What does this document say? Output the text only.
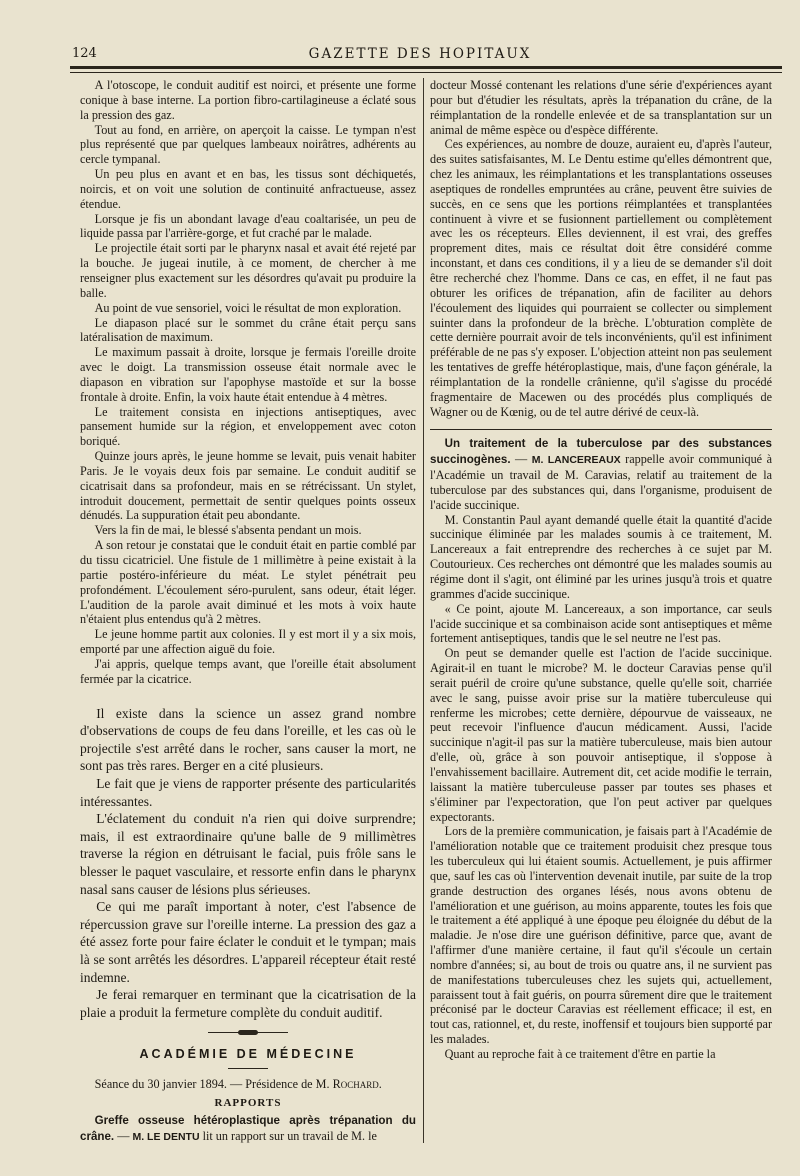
124	GAZETTE DES HOPITAUX

A l'otoscope, le conduit auditif est noirci, et présente une forme conique à base interne. La portion fibro-cartilagineuse a éclaté sous la pression des gaz.

Tout au fond, en arrière, on aperçoit la caisse. Le tympan n'est plus représenté que par quelques lambeaux noirâtres, adhérents au cercle tympanal.

Un peu plus en avant et en bas, les tissus sont déchiquetés, noircis, et on voit une solution de continuité anfractueuse, assez étendue.

Lorsque je fis un abondant lavage d'eau coaltarisée, un peu de liquide passa par l'arrière-gorge, et fut craché par le malade.

Le projectile était sorti par le pharynx nasal et avait été rejeté par la bouche. Je jugeai inutile, à ce moment, de chercher à me renseigner plus exactement sur les désordres qu'avait pu produire la balle.

Au point de vue sensoriel, voici le résultat de mon exploration.

Le diapason placé sur le sommet du crâne était perçu sans latéralisation de maximum.

Le maximum passait à droite, lorsque je fermais l'oreille droite avec le doigt. La transmission osseuse était normale avec le diapason en vibration sur l'apophyse mastoïde et sur la bosse frontale à droite. Enfin, la voix haute était entendue à 4 mètres.

Le traitement consista en injections antiseptiques, avec pansement humide sur la région, et enveloppement avec coton boriqué.

Quinze jours après, le jeune homme se levait, puis venait habiter Paris. Je le voyais deux fois par semaine. Le conduit auditif se cicatrisait dans sa profondeur, mais en se rétrécissant. Un stylet, introduit doucement, permettait de sentir quelques points osseux dénudés. La suppuration était peu abondante.

Vers la fin de mai, le blessé s'absenta pendant un mois.

A son retour je constatai que le conduit était en partie comblé par du tissu cicatriciel. Une fistule de 1 millimètre à peine existait à la partie postéro-inférieure du méat. Le stylet pénétrait peu profondément. L'écoulement séro-purulent, sans odeur, était léger. L'audition de la parole avait diminué et les mots à voix haute n'étaient plus entendus qu'à 2 mètres.

Le jeune homme partit aux colonies. Il y est mort il y a six mois, emporté par une affection aiguë du foie.

J'ai appris, quelque temps avant, que l'oreille était absolument fermée par la cicatrice.

Il existe dans la science un assez grand nombre d'observations de coups de feu dans l'oreille, et les cas où le projectile s'est arrêté dans le rocher, sans causer la mort, ne sont pas très rares. Berger en a cité plusieurs.

Le fait que je viens de rapporter présente des particularités intéressantes.

L'éclatement du conduit n'a rien qui doive surprendre; mais, il est extraordinaire qu'une balle de 9 millimètres traverse la région en détruisant le facial, puis frôle sans le blesser le paquet vasculaire, et ressorte enfin dans le pharynx nasal sans causer de lésions plus sérieuses.

Ce qui me paraît important à noter, c'est l'absence de répercussion grave sur l'oreille interne. La pression des gaz a été assez forte pour faire éclater le conduit et le tympan; mais là se sont arrêtés les désordres. L'appareil récepteur était resté indemne.

Je ferai remarquer en terminant que la cicatrisation de la plaie a produit la fermeture complète du conduit auditif.

ACADÉMIE DE MÉDECINE

Séance du 30 janvier 1894. — Présidence de M. Rochard.

RAPPORTS

Greffe osseuse hétéroplastique après trépanation du crâne. — M. LE DENTU lit un rapport sur un travail de M. le

docteur Mossé contenant les relations d'une série d'expériences ayant pour but d'étudier les résultats, après la trépanation du crâne, de la réimplantation de la rondelle enlevée et de sa transplantation sur un animal de même espèce ou d'espèce différente.

Ces expériences, au nombre de douze, auraient eu, d'après l'auteur, des suites satisfaisantes, M. Le Dentu estime qu'elles démontrent que, chez les animaux, les réimplantations et les transplantations osseuses aseptiques de rondelles empruntées au crâne, peuvent être suivies de succès, en ce sens que les portions réimplantées et transplantées continuent à vivre et se fusionnent partiellement ou complètement avec les os récepteurs. Elles deviennent, il est vrai, des greffes proprement dites, mais ce résultat doit être considéré comme inconstant, et dans ces conditions, il y a lieu de se demander s'il doit être recherché chez l'homme. Dans ce cas, en effet, il ne faut pas obturer les orifices de trépanation, afin de faciliter au dehors l'écoulement des liquides qui pourraient se collecter ou simplement suinter dans la profondeur de la brèche. L'obturation complète de cette dernière pourrait avoir de tels inconvénients, qu'il est infiniment préférable de ne pas s'y exposer. L'objection atteint non pas seulement les tentatives de greffe hétéroplastique, mais, d'une façon générale, la réimplantation de la rondelle crânienne, qu'il s'agisse du procédé fragmentaire de Macewen ou des procédés plus compliqués de Wagner ou de Kœnig, ou de tel autre dérivé de ceux-là.

Un traitement de la tuberculose par des substances succinogènes. — M. LANCEREAUX rappelle avoir communiqué à l'Académie un travail de M. Caravias, relatif au traitement de la tuberculose par des substances qui, dans l'organisme, produisent de l'acide succinique.

M. Constantin Paul ayant demandé quelle était la quantité d'acide succinique éliminée par les malades soumis à ce traitement, M. Lancereaux a fait entreprendre des recherches à ce sujet par M. Coutourieux. Ces recherches ont démontré que les malades soumis au régime dont il s'agit, ont éliminé par les urines jusqu'à trois et quatre grammes d'acide succinique.

« Ce point, ajoute M. Lancereaux, a son importance, car seuls l'acide succinique et sa combinaison acide sont antiseptiques et même fortement antiseptiques, tandis que le sel neutre ne l'est pas.

On peut se demander quelle est l'action de l'acide succinique. Agirait-il en tuant le microbe? M. le docteur Caravias pense qu'il serait puéril de croire qu'une substance, quelle qu'elle soit, charriée avec le sang, puisse avoir prise sur la matière tuberculeuse qui renferme les microbes; cette dernière, dépourvue de vaisseaux, ne peut recevoir l'influence d'aucun médicament. Aussi, l'acide succinique n'agit-il pas sur la matière tuberculeuse, mais bien autour d'elle, où, grâce à son pouvoir antiseptique, il s'oppose à l'envahissement bacillaire. Autrement dit, cet acide modifie le terrain, laissant la matière tuberculeuse passer par toutes ses phases et s'éliminer par l'expectoration, que l'on peut activer par quelques expectorants.

Lors de la première communication, je faisais part à l'Académie de l'amélioration notable que ce traitement produisit chez presque tous les tuberculeux qui lui étaient soumis. Actuellement, je puis affirmer que, sauf les cas où l'intervention devenait inutile, par suite de la trop grande destruction des organes lésés, nous avons obtenu de l'amélioration et une guérison, au moins apparente, toutes les fois que le traitement a été appliqué à une époque peu éloignée du début de la maladie. Je n'ose dire une guérison définitive, parce que, avant de l'affirmer d'une manière certaine, il faut qu'il s'écoule un certain nombre d'années; si, au bout de trois ou quatre ans, il ne survient pas de manifestations tuberculeuses chez les sujets qui, actuellement, paraissent tout à fait guéris, on pourra sûrement dire que le traitement préconisé par le docteur Caravias est réellement efficace; il est, en tout cas, rationnel, et, du reste, inoffensif et toujours bien supporté par les malades.

Quant au reproche fait à ce traitement d'être en partie la
